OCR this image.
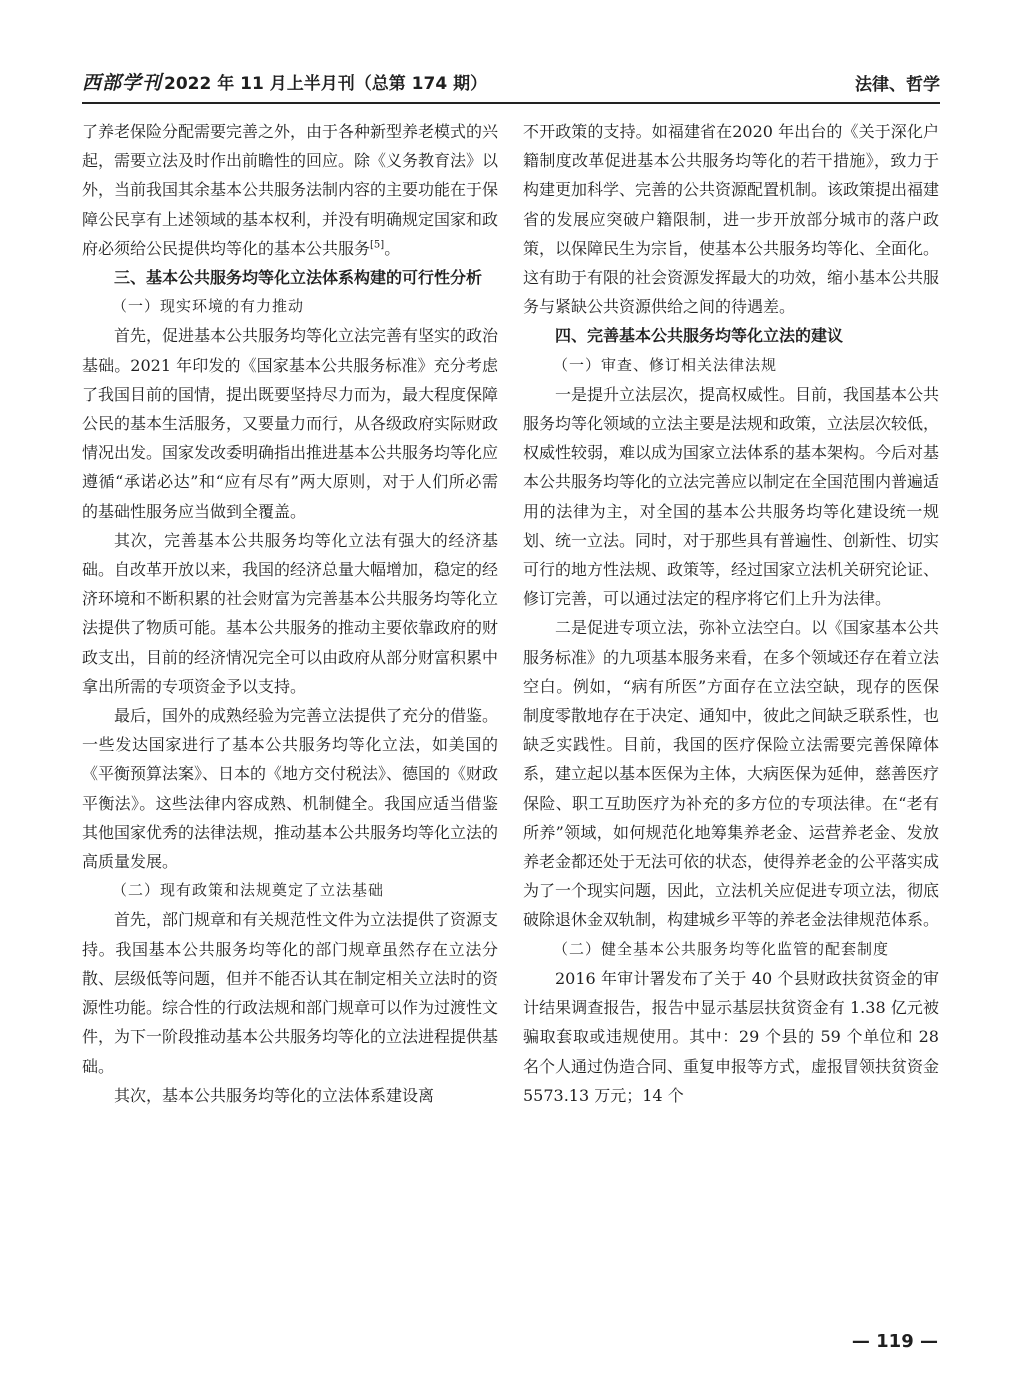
西部学刊 2022 年 11 月上半月刊（总第 174 期）	法律、哲学

了养老保险分配需要完善之外，由于各种新型养老模式的兴起，需要立法及时作出前瞻性的回应。除《义务教育法》以外，当前我国其余基本公共服务法制内容的主要功能在于保障公民享有上述领域的基本权利，并没有明确规定国家和政府必须给公民提供均等化的基本公共服务[5]。

三、基本公共服务均等化立法体系构建的可行性分析
（一）现实环境的有力推动

首先，促进基本公共服务均等化立法完善有坚实的政治基础。2021 年印发的《国家基本公共服务标准》充分考虑了我国目前的国情，提出既要坚持尽力而为，最大程度保障公民的基本生活服务，又要量力而行，从各级政府实际财政情况出发。国家发改委明确指出推进基本公共服务均等化应遵循“承诺必达”和“应有尽有”两大原则，对于人们所必需的基础性服务应当做到全覆盖。

其次，完善基本公共服务均等化立法有强大的经济基础。自改革开放以来，我国的经济总量大幅增加，稳定的经济环境和不断积累的社会财富为完善基本公共服务均等化立法提供了物质可能。基本公共服务的推动主要依靠政府的财政支出，目前的经济情况完全可以由政府从部分财富积累中拿出所需的专项资金予以支持。

最后，国外的成熟经验为完善立法提供了充分的借鉴。一些发达国家进行了基本公共服务均等化立法，如美国的《平衡预算法案》、日本的《地方交付税法》、德国的《财政平衡法》。这些法律内容成熟、机制健全。我国应适当借鉴其他国家优秀的法律法规，推动基本公共服务均等化立法的高质量发展。

（二）现有政策和法规奠定了立法基础

首先，部门规章和有关规范性文件为立法提供了资源支持。我国基本公共服务均等化的部门规章虽然存在立法分散、层级低等问题，但并不能否认其在制定相关立法时的资源性功能。综合性的行政法规和部门规章可以作为过渡性文件，为下一阶段推动基本公共服务均等化的立法进程提供基础。

其次，基本公共服务均等化的立法体系建设离

不开政策的支持。如福建省在2020 年出台的《关于深化户籍制度改革促进基本公共服务均等化的若干措施》，致力于构建更加科学、完善的公共资源配置机制。该政策提出福建省的发展应突破户籍限制，进一步开放部分城市的落户政策，以保障民生为宗旨，使基本公共服务均等化、全面化。这有助于有限的社会资源发挥最大的功效，缩小基本公共服务与紧缺公共资源供给之间的待遇差。

四、完善基本公共服务均等化立法的建议
（一）审查、修订相关法律法规

一是提升立法层次，提高权威性。目前，我国基本公共服务均等化领域的立法主要是法规和政策，立法层次较低，权威性较弱，难以成为国家立法体系的基本架构。今后对基本公共服务均等化的立法完善应以制定在全国范围内普遍适用的法律为主，对全国的基本公共服务均等化建设统一规划、统一立法。同时，对于那些具有普遍性、创新性、切实可行的地方性法规、政策等，经过国家立法机关研究论证、修订完善，可以通过法定的程序将它们上升为法律。

二是促进专项立法，弥补立法空白。以《国家基本公共服务标准》的九项基本服务来看，在多个领域还存在着立法空白。例如，“病有所医”方面存在立法空缺，现存的医保制度零散地存在于决定、通知中，彼此之间缺乏联系性，也缺乏实践性。目前，我国的医疗保险立法需要完善保障体系，建立起以基本医保为主体，大病医保为延伸，慈善医疗保险、职工互助医疗为补充的多方位的专项法律。在“老有所养”领域，如何规范化地筹集养老金、运营养老金、发放养老金都还处于无法可依的状态，使得养老金的公平落实成为了一个现实问题，因此，立法机关应促进专项立法，彻底破除退休金双轨制，构建城乡平等的养老金法律规范体系。

（二）健全基本公共服务均等化监管的配套制度

2016 年审计署发布了关于 40 个县财政扶贫资金的审计结果调查报告，报告中显示基层扶贫资金有 1.38 亿元被骗取套取或违规使用。其中：29 个县的 59 个单位和 28 名个人通过伪造合同、重复申报等方式，虚报冒领扶贫资金 5573.13 万元；14 个

— 119 —
